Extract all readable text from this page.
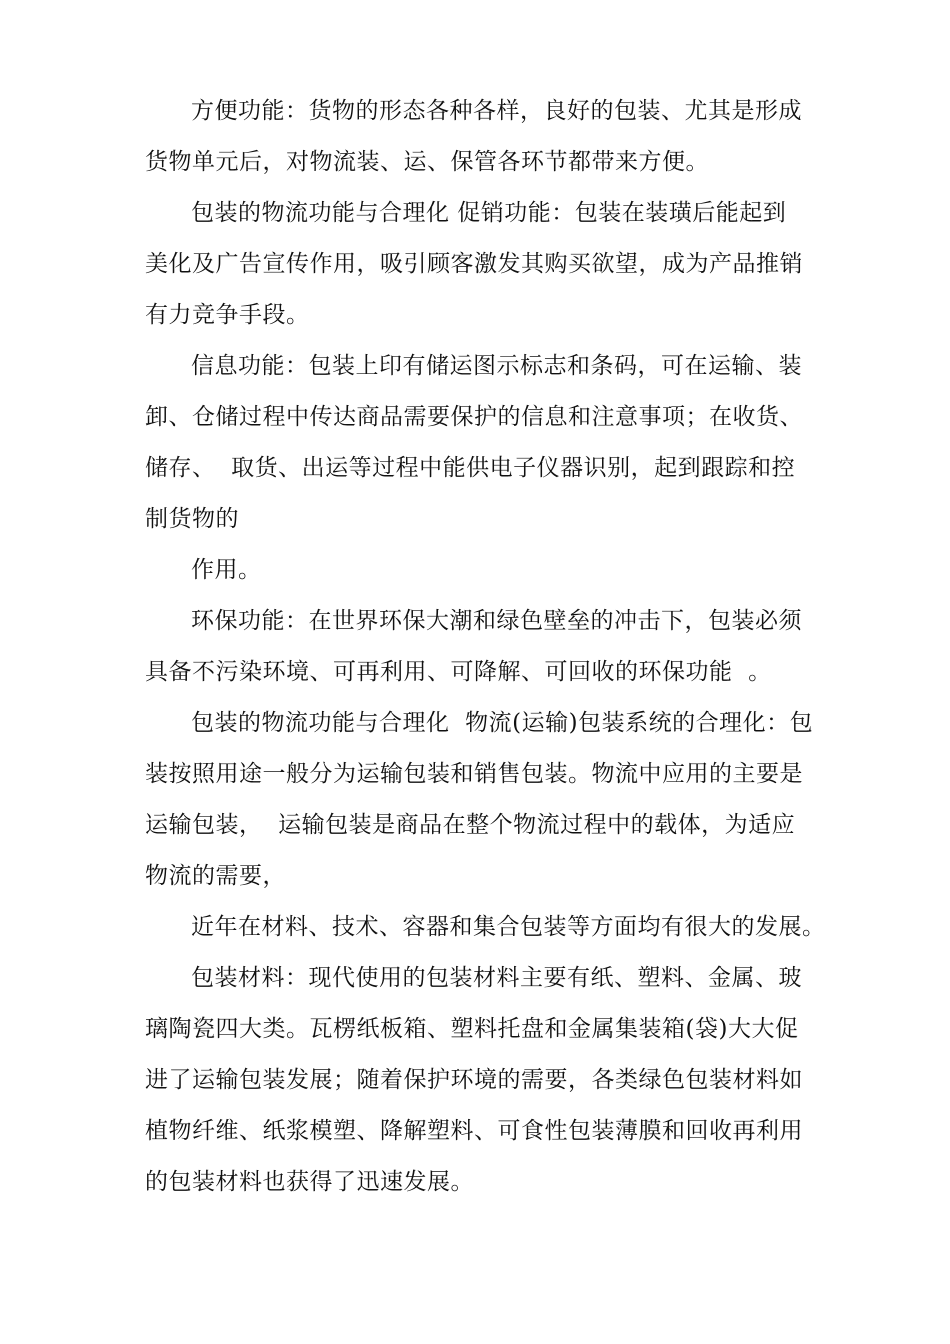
方便功能：货物的形态各种各样，良好的包装、尤其是形成
货物单元后，对物流装、运、保管各环节都带来方便。

包装的物流功能与合理化 促销功能：包装在装璜后能起到
美化及广告宣传作用，吸引顾客激发其购买欲望，成为产品推销
有力竞争手段。

信息功能：包装上印有储运图示标志和条码，可在运输、装
卸、仓储过程中传达商品需要保护的信息和注意事项；在收货、
储存、  取货、出运等过程中能供电子仪器识别，起到跟踪和控
制货物的

作用。

环保功能：在世界环保大潮和绿色壁垒的冲击下，包装必须
具备不污染环境、可再利用、可降解、可回收的环保功能  。

包装的物流功能与合理化  物流(运输)包装系统的合理化：包
装按照用途一般分为运输包装和销售包装。物流中应用的主要是
运输包装，  运输包装是商品在整个物流过程中的载体，为适应
物流的需要，

近年在材料、技术、容器和集合包装等方面均有很大的发展。

包装材料：现代使用的包装材料主要有纸、塑料、金属、玻
璃陶瓷四大类。瓦楞纸板箱、塑料托盘和金属集装箱(袋)大大促
进了运输包装发展；随着保护环境的需要，各类绿色包装材料如
植物纤维、纸浆模塑、降解塑料、可食性包装薄膜和回收再利用
的包装材料也获得了迅速发展。
